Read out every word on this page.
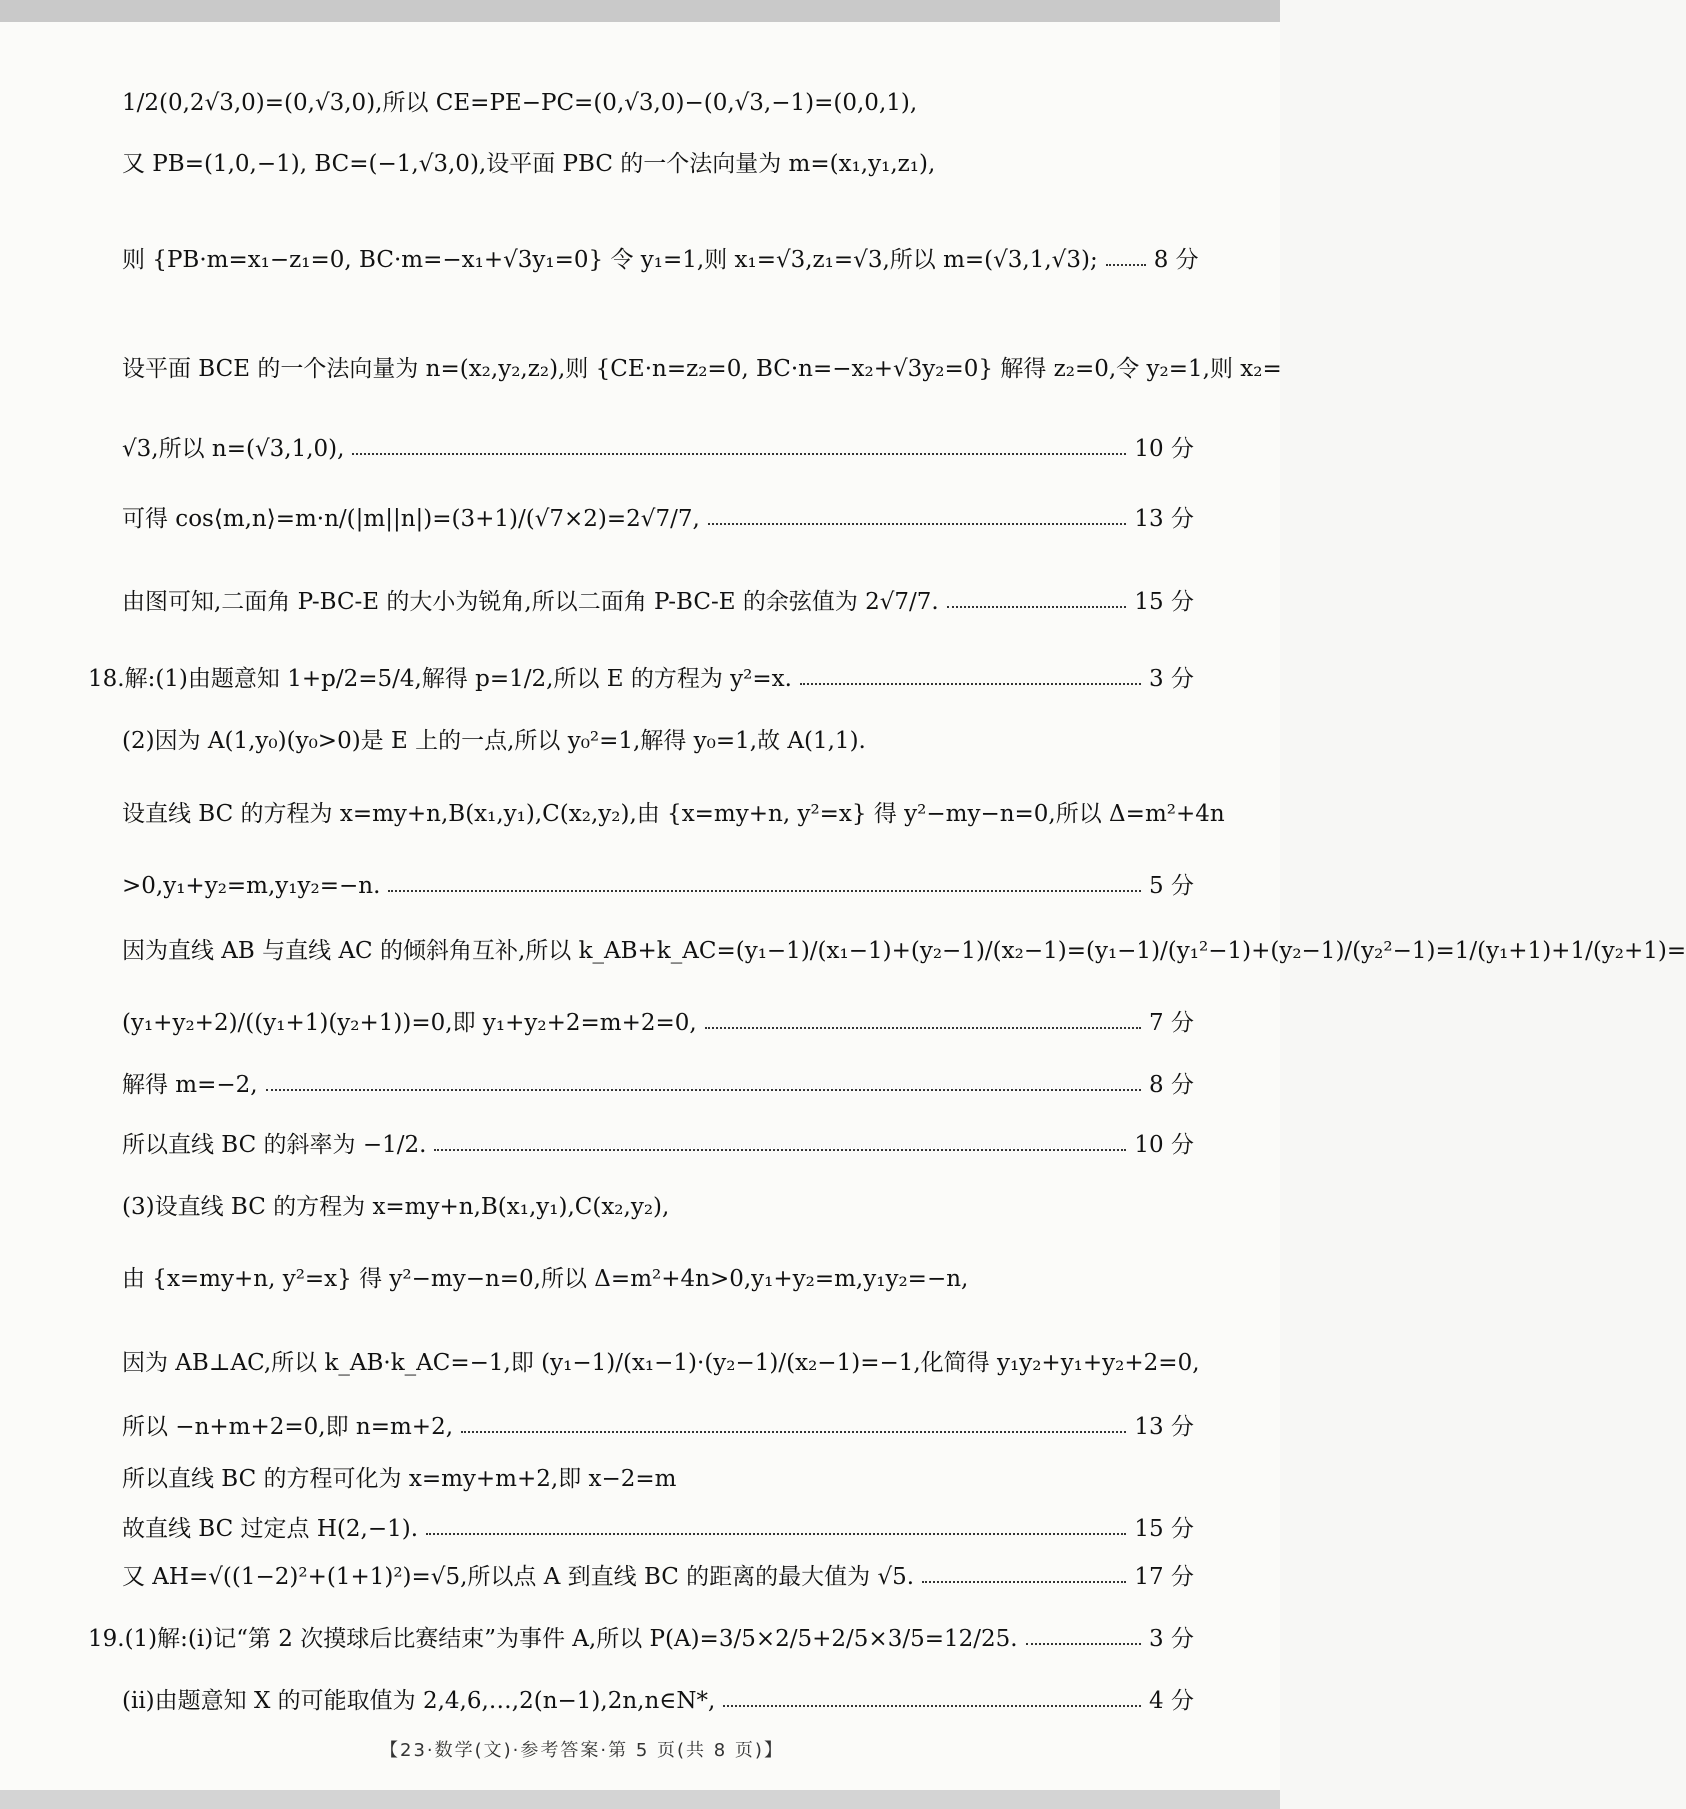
1/2(0,2√3,0)=(0,√3,0),所以 CE=PE−PC=(0,√3,0)−(0,√3,−1)=(0,0,1),
又 PB=(1,0,−1), BC=(−1,√3,0),设平面 PBC 的一个法向量为 m=(x₁,y₁,z₁),
则 {PB·m=x₁−z₁=0, BC·m=−x₁+√3y₁=0} 令 y₁=1,则 x₁=√3,z₁=√3,所以 m=(√3,1,√3); 8 分
设平面 BCE 的一个法向量为 n=(x₂,y₂,z₂),则 {CE·n=z₂=0, BC·n=−x₂+√3y₂=0} 解得 z₂=0,令 y₂=1,则 x₂=
√3,所以 n=(√3,1,0),	10 分
可得 cos⟨m,n⟩=m·n/(|m||n|)=(3+1)/(√7×2)=2√7/7,	13 分
由图可知,二面角 P-BC-E 的大小为锐角,所以二面角 P-BC-E 的余弦值为 2√7/7.	15 分
18.解:(1)由题意知 1+p/2=5/4,解得 p=1/2,所以 E 的方程为 y²=x.	3 分
(2)因为 A(1,y₀)(y₀>0)是 E 上的一点,所以 y₀²=1,解得 y₀=1,故 A(1,1).
设直线 BC 的方程为 x=my+n,B(x₁,y₁),C(x₂,y₂),由 {x=my+n, y²=x} 得 y²−my−n=0,所以 Δ=m²+4n
>0,y₁+y₂=m,y₁y₂=−n.	5 分
因为直线 AB 与直线 AC 的倾斜角互补,所以 k_AB+k_AC=(y₁−1)/(x₁−1)+(y₂−1)/(x₂−1)=(y₁−1)/(y₁²−1)+(y₂−1)/(y₂²−1)=1/(y₁+1)+1/(y₂+1)=
(y₁+y₂+2)/((y₁+1)(y₂+1))=0,即 y₁+y₂+2=m+2=0,	7 分
解得 m=−2,	8 分
所以直线 BC 的斜率为 −1/2.	10 分
(3)设直线 BC 的方程为 x=my+n,B(x₁,y₁),C(x₂,y₂),
由 {x=my+n, y²=x} 得 y²−my−n=0,所以 Δ=m²+4n>0,y₁+y₂=m,y₁y₂=−n,
因为 AB⊥AC,所以 k_AB·k_AC=−1,即 (y₁−1)/(x₁−1)·(y₂−1)/(x₂−1)=−1,化简得 y₁y₂+y₁+y₂+2=0,
所以 −n+m+2=0,即 n=m+2,	13 分
所以直线 BC 的方程可化为 x=my+m+2,即 x−2=m
故直线 BC 过定点 H(2,−1).	15 分
又 AH=√((1−2)²+(1+1)²)=√5,所以点 A 到直线 BC 的距离的最大值为 √5.	17 分
19.(1)解:(ⅰ)记“第 2 次摸球后比赛结束”为事件 A,所以 P(A)=3/5×2/5+2/5×3/5=12/25.	3 分
(ⅱ)由题意知 X 的可能取值为 2,4,6,…,2(n−1),2n,n∈N*,	4 分
【23·数学(文)·参考答案·第 5 页(共 8 页)】
